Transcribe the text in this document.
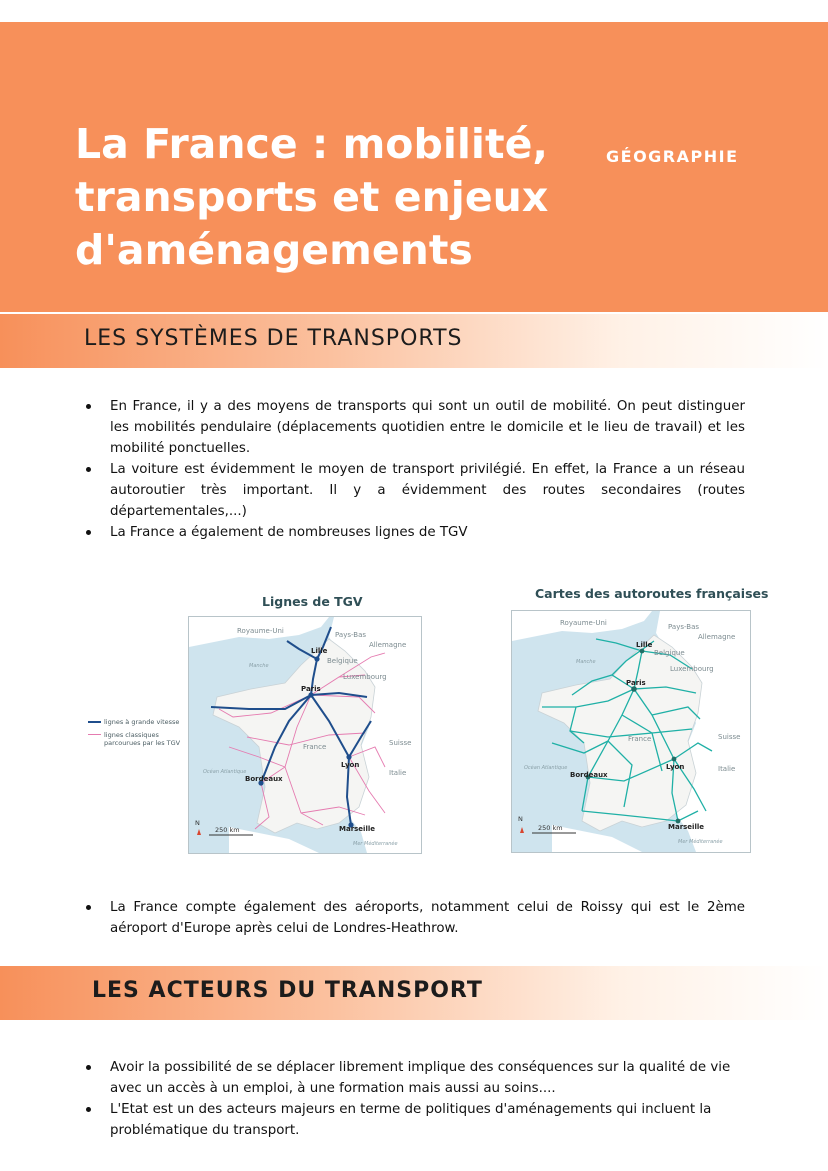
La France : mobilité,
transports et enjeux
d'aménagements
GÉOGRAPHIE
LES SYSTÈMES DE TRANSPORTS
En France, il y a des moyens de transports qui sont un outil de mobilité. On peut distinguer les mobilités pendulaire (déplacements quotidien entre le domicile et le lieu de travail) et les mobilité ponctuelles.
La voiture est évidemment le moyen de transport privilégié. En effet, la France a un réseau autoroutier très important. Il y a évidemment des routes secondaires (routes départementales,...)
La France a également de nombreuses lignes de TGV
Lignes de TGV
lignes à grande vitesse
lignes classiques parcourues par les TGV
Royaume-Uni	Pays-Bas
Allemagne
Belgique
Luxembourg
Suisse
Italie
France
Manche
Océan Atlantique
Mer Méditerranée
Lille
Paris
Lyon
Bordeaux
Marseille
N
250 km
Cartes des autoroutes françaises
Royaume-Uni	Pays-Bas
Allemagne
Belgique
Luxembourg
Suisse
Italie
France
Manche
Océan Atlantique
Mer Méditerranée
Lille
Paris
Lyon
Bordeaux
Marseille
N
250 km
La France compte également des aéroports, notamment celui de Roissy qui est le 2ème aéroport d'Europe après celui de Londres-Heathrow.
LES ACTEURS DU TRANSPORT
Avoir la possibilité de se déplacer librement implique des conséquences sur la qualité de vie avec un accès à un emploi, à une formation mais aussi au soins....
L'Etat est un des acteurs majeurs en terme de politiques d'aménagements qui incluent la problématique du transport.
